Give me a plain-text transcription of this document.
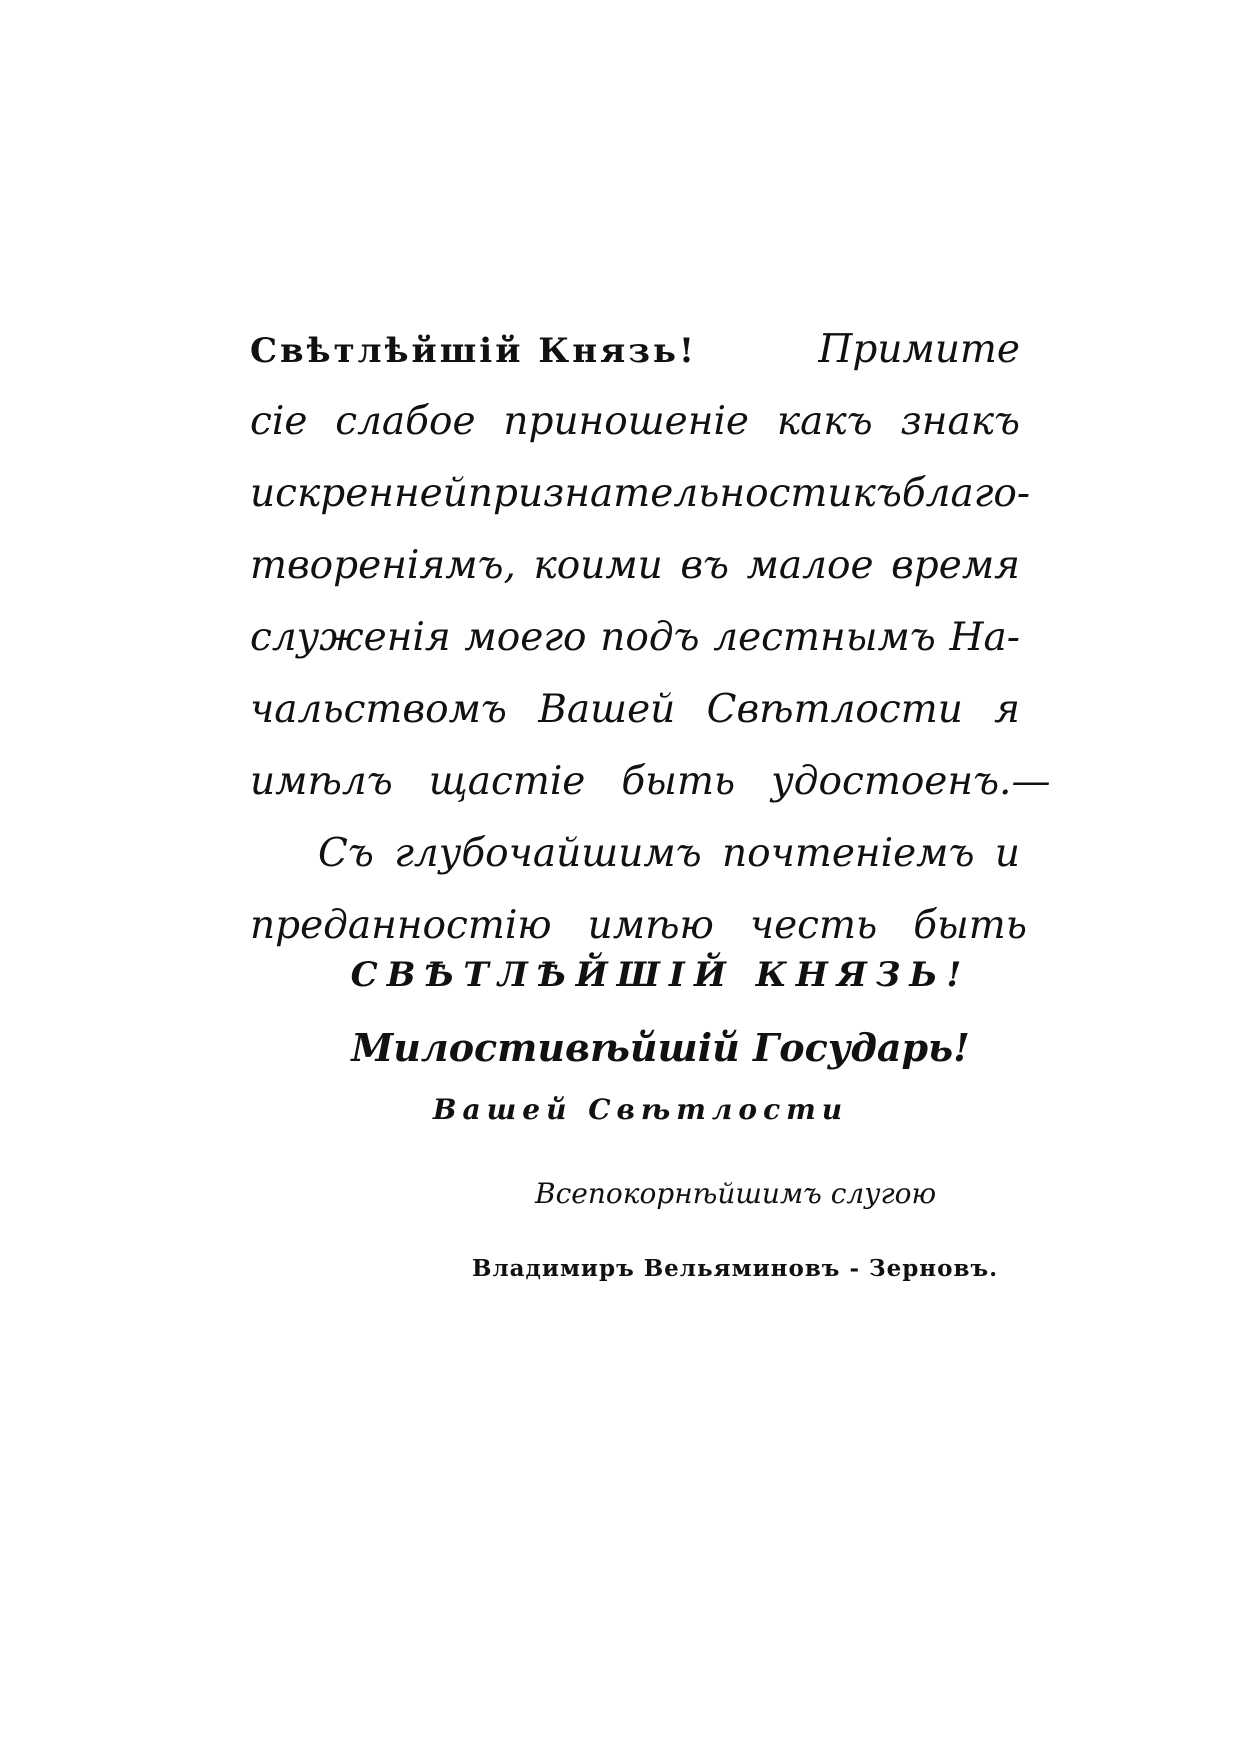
Свѣтлѣйшій Князь!	Примите
сіе слабое приношеніе какъ знакъ
искренней признательности къ благо-
твореніямъ, коими въ малое время
служенія моего подъ лестнымъ На-
чальствомъ Вашей Свѣтлости я
имѣлъ щастіе быть удостоенъ.—
Съ глубочайшимъ почтеніемъ и
преданностію имѣю честь быть
СВѢТЛѢЙШІЙ КНЯЗЬ!
Милостивѣйшій Государь!
Вашей Свѣтлости
Всепокорнѣйшимъ слугою
Владимиръ Вельяминовъ - Зерновъ.
